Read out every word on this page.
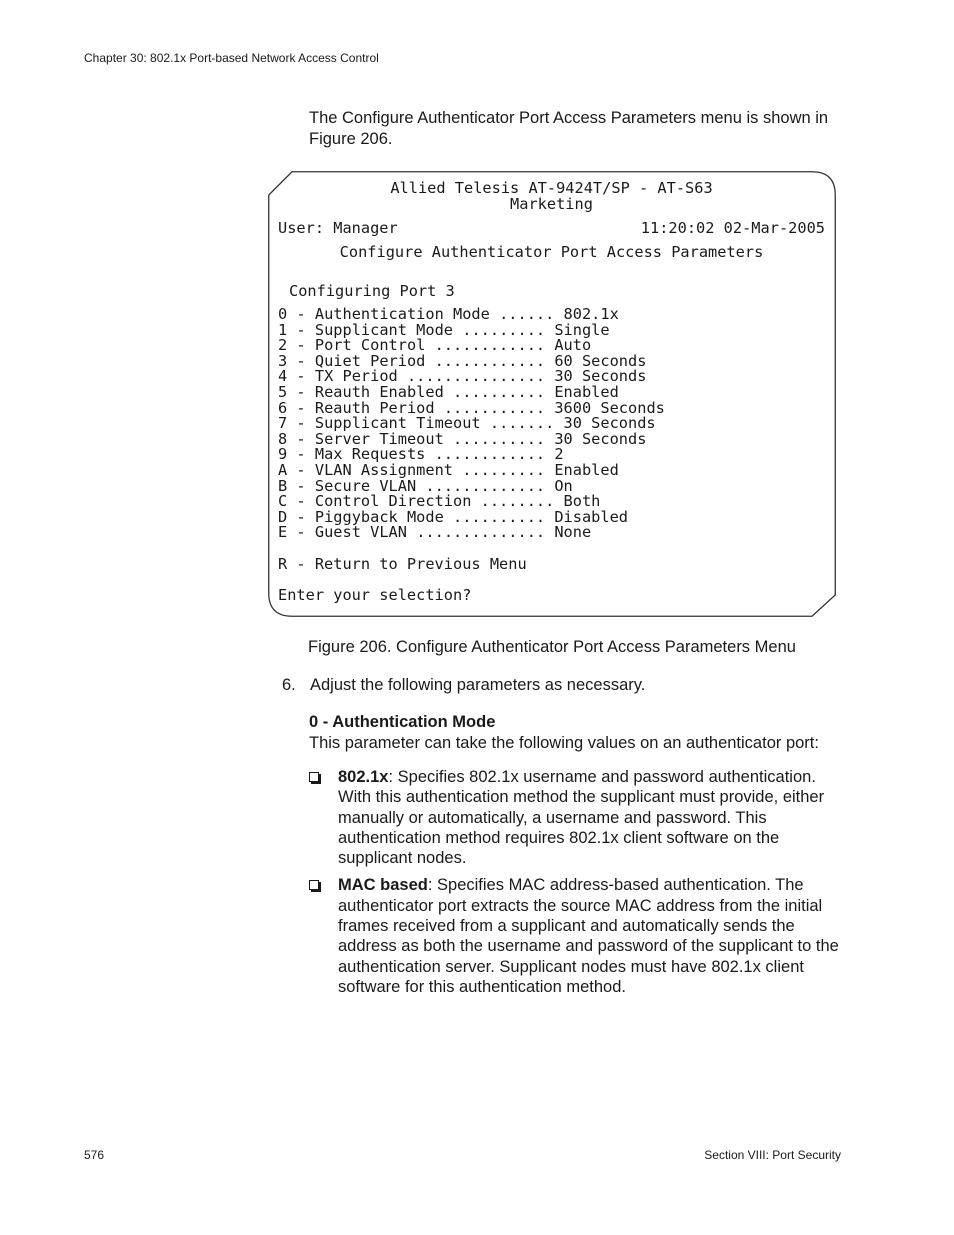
Chapter 30: 802.1x Port-based Network Access Control
The Configure Authenticator Port Access Parameters menu is shown in Figure 206.
Allied Telesis AT-9424T/SP - AT-S63
Marketing
User: Manager	11:20:02 02-Mar-2005
Configure Authenticator Port Access Parameters
Configuring Port 3
0 - Authentication Mode ...... 802.1x
1 - Supplicant Mode ......... Single
2 - Port Control ............ Auto
3 - Quiet Period ............ 60 Seconds
4 - TX Period ............... 30 Seconds
5 - Reauth Enabled .......... Enabled
6 - Reauth Period ........... 3600 Seconds
7 - Supplicant Timeout ....... 30 Seconds
8 - Server Timeout .......... 30 Seconds
9 - Max Requests ............ 2
A - VLAN Assignment ......... Enabled
B - Secure VLAN ............. On
C - Control Direction ........ Both
D - Piggyback Mode .......... Disabled
E - Guest VLAN .............. None
R - Return to Previous Menu
Enter your selection?
Figure 206. Configure Authenticator Port Access Parameters Menu
6. Adjust the following parameters as necessary.
0 - Authentication Mode
This parameter can take the following values on an authenticator port:
802.1x: Specifies 802.1x username and password authentication. With this authentication method the supplicant must provide, either manually or automatically, a username and password. This authentication method requires 802.1x client software on the supplicant nodes.
MAC based: Specifies MAC address-based authentication. The authenticator port extracts the source MAC address from the initial frames received from a supplicant and automatically sends the address as both the username and password of the supplicant to the authentication server. Supplicant nodes must have 802.1x client software for this authentication method.
576	Section VIII: Port Security
